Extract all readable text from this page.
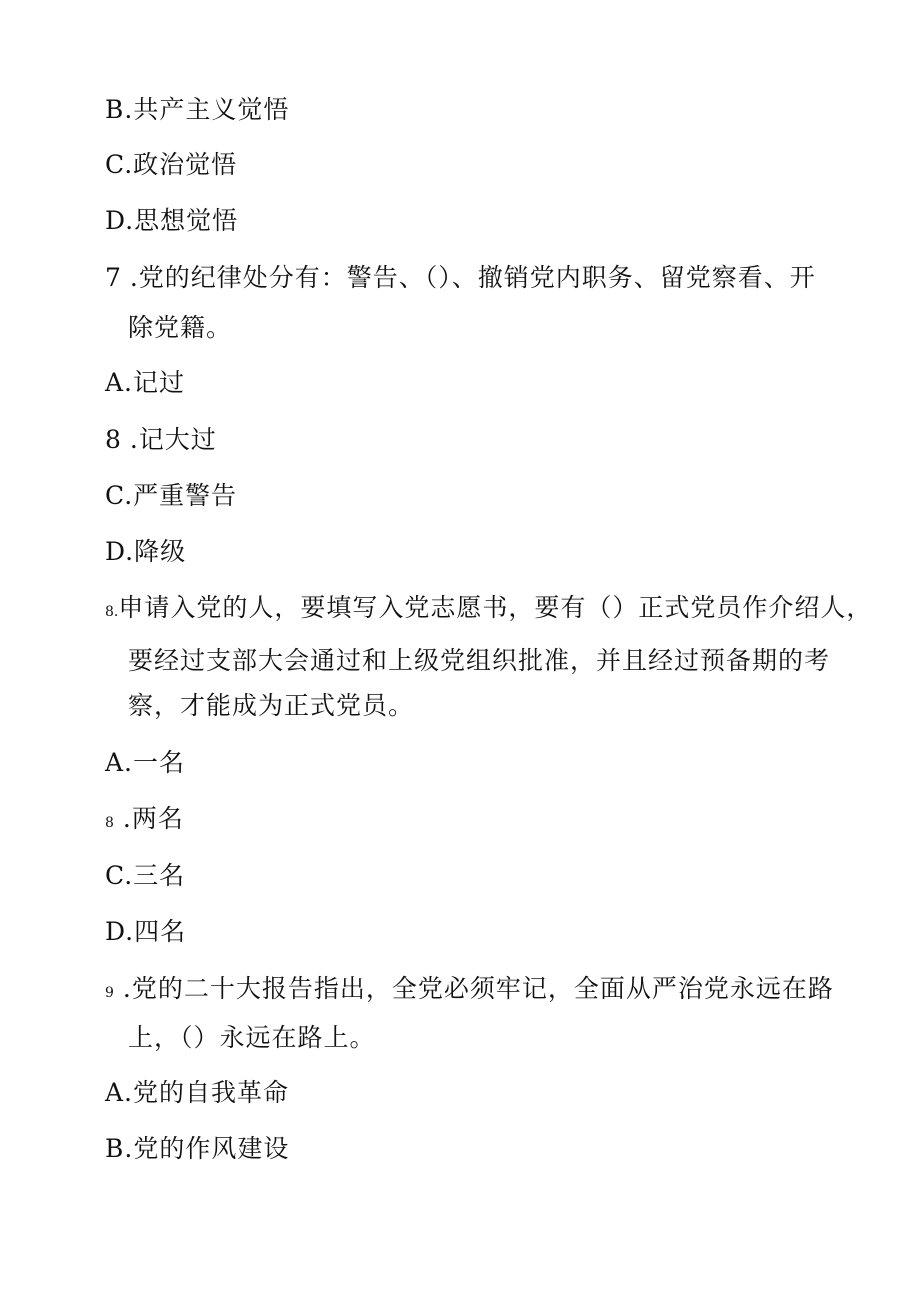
B.共产主义觉悟
C.政治觉悟
D.思想觉悟
7 .党的纪律处分有：警告、（）、撤销党内职务、留党察看、开
除党籍。
A.记过
8 .记大过
C.严重警告
D.降级
8.申请入党的人，要填写入党志愿书，要有（）正式党员作介绍人，
要经过支部大会通过和上级党组织批准，并且经过预备期的考
察，才能成为正式党员。
A.一名
8 .两名
C.三名
D.四名
9 .党的二十大报告指出，全党必须牢记，全面从严治党永远在路
上，（）永远在路上。
A.党的自我革命
B.党的作风建设
